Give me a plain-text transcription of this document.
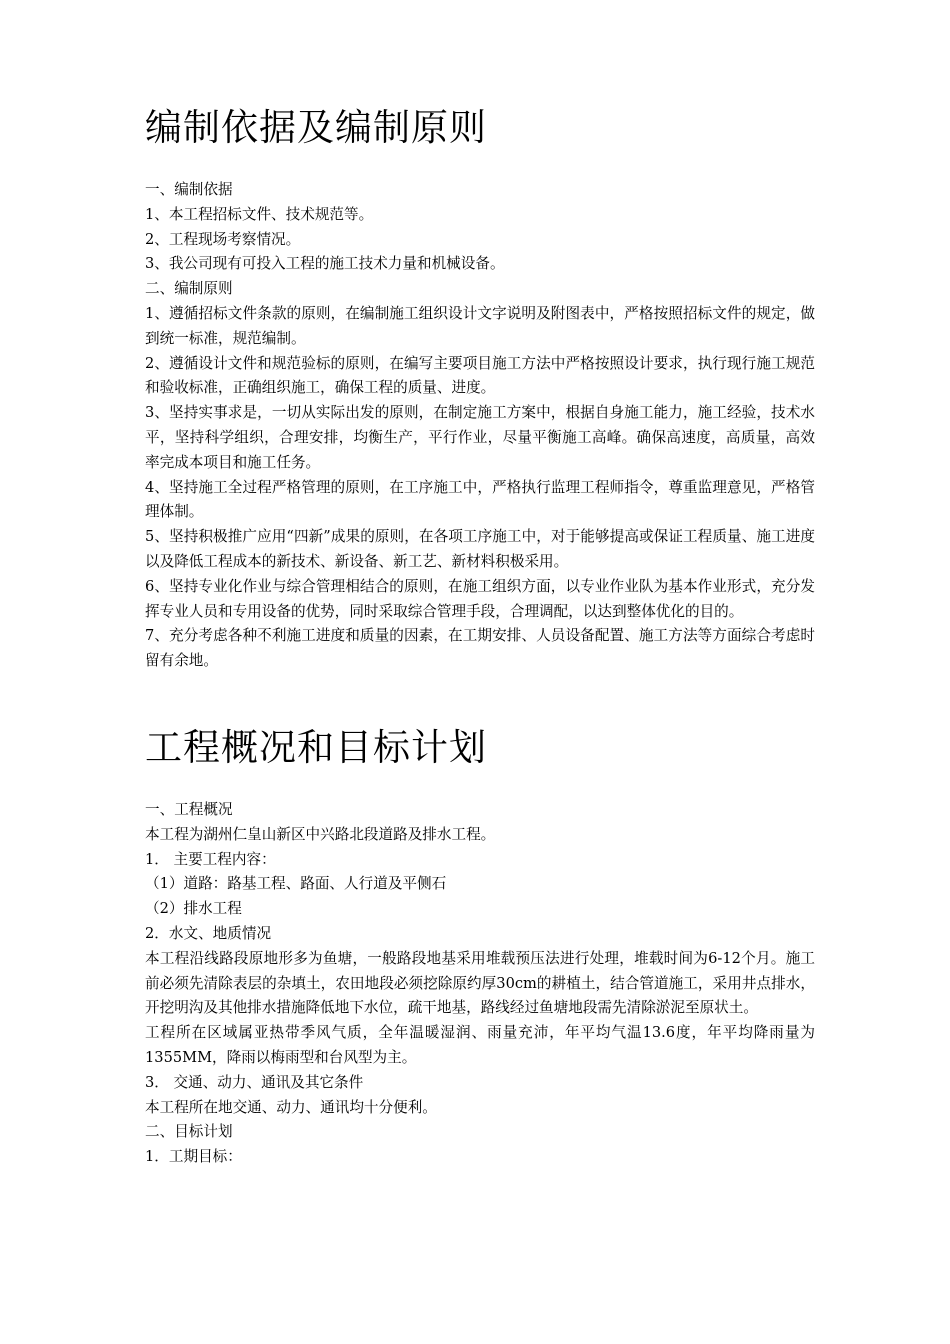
编制依据及编制原则

一、编制依据

1、本工程招标文件、技术规范等。

2、工程现场考察情况。

3、我公司现有可投入工程的施工技术力量和机械设备。

二、编制原则

1、遵循招标文件条款的原则，在编制施工组织设计文字说明及附图表中，严格按照招标文件的规定，做到统一标准，规范编制。

2、遵循设计文件和规范验标的原则，在编写主要项目施工方法中严格按照设计要求，执行现行施工规范和验收标准，正确组织施工，确保工程的质量、进度。

3、坚持实事求是，一切从实际出发的原则，在制定施工方案中，根据自身施工能力，施工经验，技术水平，坚持科学组织，合理安排，均衡生产，平行作业，尽量平衡施工高峰。确保高速度，高质量，高效率完成本项目和施工任务。

4、坚持施工全过程严格管理的原则，在工序施工中，严格执行监理工程师指令，尊重监理意见，严格管理体制。

5、坚持积极推广应用“四新”成果的原则，在各项工序施工中，对于能够提高或保证工程质量、施工进度以及降低工程成本的新技术、新设备、新工艺、新材料积极采用。

6、坚持专业化作业与综合管理相结合的原则，在施工组织方面，以专业作业队为基本作业形式，充分发挥专业人员和专用设备的优势，同时采取综合管理手段，合理调配，以达到整体优化的目的。

7、充分考虑各种不利施工进度和质量的因素，在工期安排、人员设备配置、施工方法等方面综合考虑时留有余地。

工程概况和目标计划

一、工程概况

本工程为湖州仁皇山新区中兴路北段道路及排水工程。

1． 主要工程内容：

（1）道路：路基工程、路面、人行道及平侧石

（2）排水工程

2．水文、地质情况

本工程沿线路段原地形多为鱼塘，一般路段地基采用堆载预压法进行处理，堆载时间为6-12个月。施工前必须先清除表层的杂填土，农田地段必须挖除原约厚30cm的耕植土，结合管道施工，采用井点排水，开挖明沟及其他排水措施降低地下水位，疏干地基，路线经过鱼塘地段需先清除淤泥至原状土。

工程所在区域属亚热带季风气质，全年温暖湿润、雨量充沛，年平均气温13.6度，年平均降雨量为1355MM，降雨以梅雨型和台风型为主。

3． 交通、动力、通讯及其它条件

本工程所在地交通、动力、通讯均十分便利。

二、目标计划

1．工期目标：
